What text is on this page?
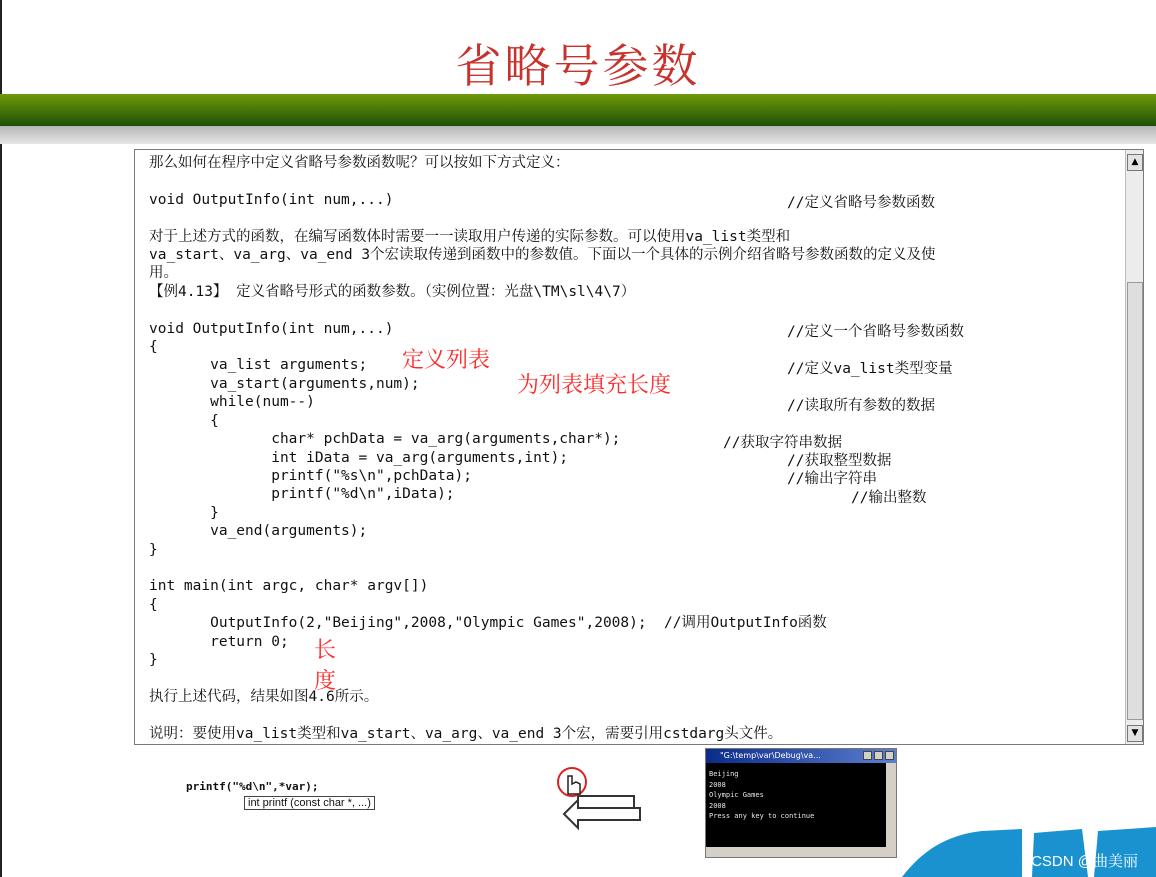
省略号参数
那么如何在程序中定义省略号参数函数呢？可以按如下方式定义：

void OutputInfo(int num,...)

对于上述方式的函数，在编写函数体时需要一一读取用户传递的实际参数。可以使用va_list类型和
va_start、va_arg、va_end 3个宏读取传递到函数中的参数值。下面以一个具体的示例介绍省略号参数函数的定义及使
用。
【例4.13】 定义省略号形式的函数参数。（实例位置：光盘\TM\sl\4\7）

void OutputInfo(int num,...)
{
va_list arguments;
va_start(arguments,num);
while(num--)
{
char* pchData = va_arg(arguments,char*);
int iData = va_arg(arguments,int);
printf("%s\n",pchData);
printf("%d\n",iData);
}
va_end(arguments);
}

int main(int argc, char* argv[])
{
OutputInfo(2,"Beijing",2008,"Olympic Games",2008);  //调用OutputInfo函数
return 0;
}

执行上述代码，结果如图4.6所示。

说明：要使用va_list类型和va_start、va_arg、va_end 3个宏，需要引用cstdarg头文件。
//定义省略号参数函数
//定义一个省略号参数函数
//定义va_list类型变量
//读取所有参数的数据
//获取字符串数据
//获取整型数据
//输出字符串
//输出整数
▲
▼
定义列表
为列表填充长度
长
度
printf("%d\n",*var);
int printf (const char *, ...)
"G:\temp\var\Debug\va...
Beijing
2008
Olympic Games
2008
Press any key to continue
CSDN @曲美丽
